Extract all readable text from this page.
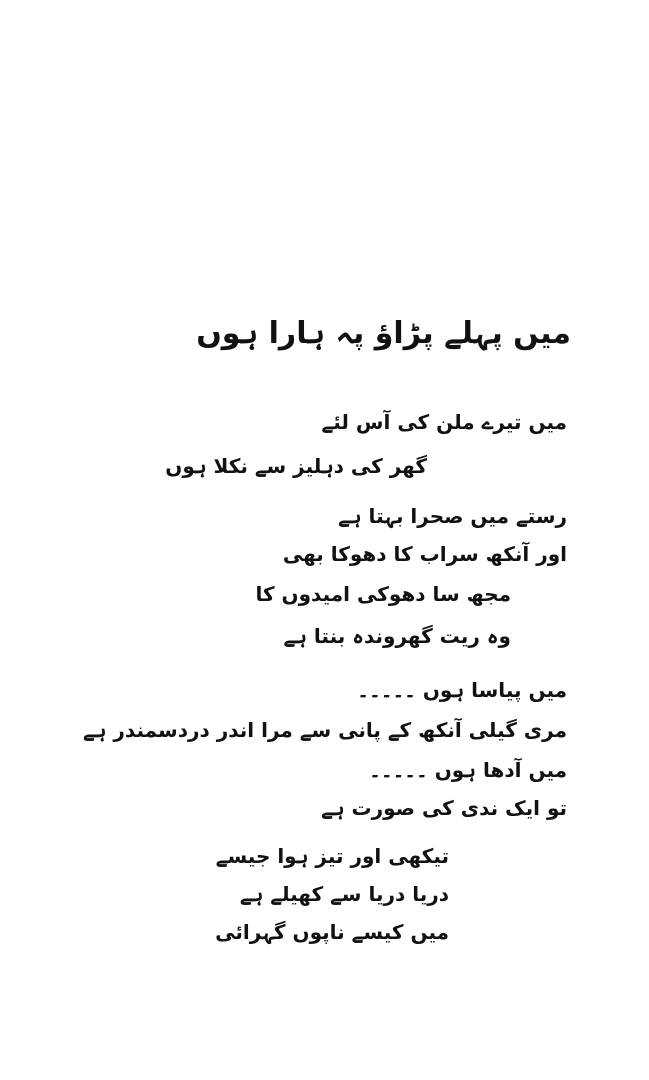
میں پہلے پڑاؤ پہ ہارا ہوں
میں تیرے ملن کی آس لئے
گھر کی دہلیز سے نکلا ہوں
رستے میں صحرا بہتا ہے
اور آنکھ سراب کا دھوکا بھی
مجھ سا دھوکی امیدوں کا
وہ ریت گھروندہ بنتا ہے
میں پیاسا ہوں ۔۔۔۔۔
مری گیلی آنکھ کے پانی سے مرا اندر دردسمندر ہے
میں آدھا ہوں ۔۔۔۔۔
تو ایک ندی کی صورت ہے
تیکھی اور تیز ہوا جیسے
دریا دریا سے کھیلے ہے
میں کیسے ناپوں گہرائی
